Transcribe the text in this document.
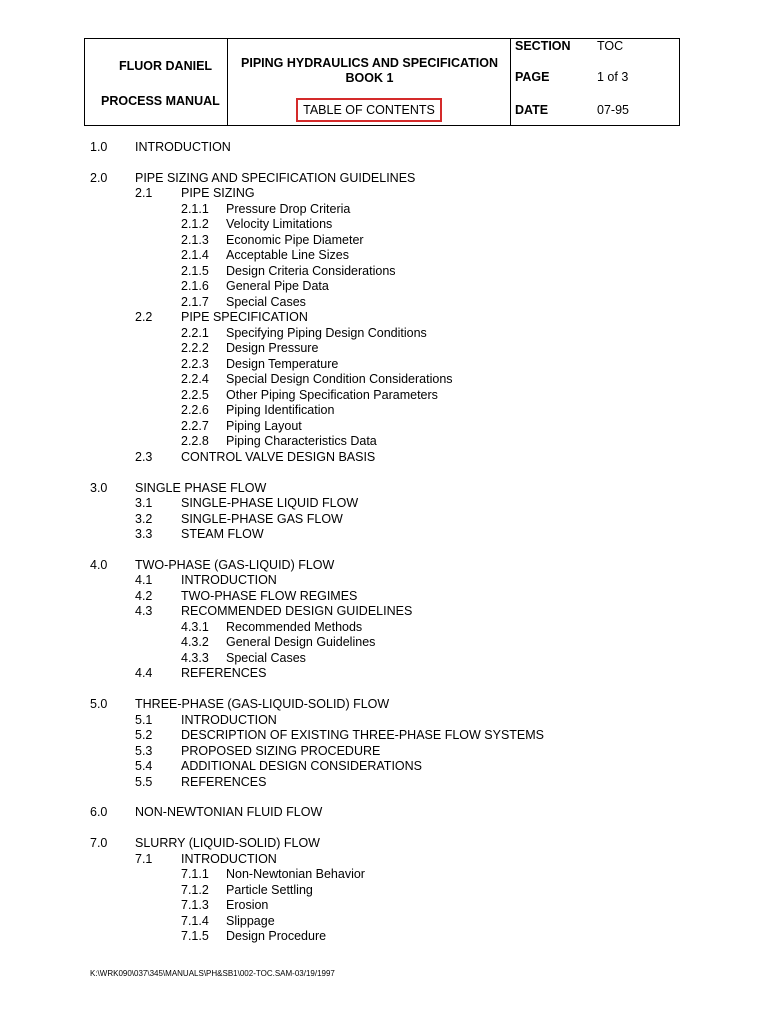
FLUOR DANIEL
PROCESS MANUAL
PIPING HYDRAULICS AND SPECIFICATION BOOK 1
TABLE OF CONTENTS
SECTION TOC
PAGE	1 of 3
DATE	07-95
1.0 INTRODUCTION
2.0 PIPE SIZING AND SPECIFICATION GUIDELINES
2.1 PIPE SIZING
2.1.1 Pressure Drop Criteria
2.1.2 Velocity Limitations
2.1.3 Economic Pipe Diameter
2.1.4 Acceptable Line Sizes
2.1.5 Design Criteria Considerations
2.1.6 General Pipe Data
2.1.7 Special Cases
2.2 PIPE SPECIFICATION
2.2.1 Specifying Piping Design Conditions
2.2.2 Design Pressure
2.2.3 Design Temperature
2.2.4 Special Design Condition Considerations
2.2.5 Other Piping Specification Parameters
2.2.6 Piping Identification
2.2.7 Piping Layout
2.2.8 Piping Characteristics Data
2.3 CONTROL VALVE DESIGN BASIS
3.0 SINGLE PHASE FLOW
3.1 SINGLE-PHASE LIQUID FLOW
3.2 SINGLE-PHASE GAS FLOW
3.3 STEAM FLOW
4.0 TWO-PHASE (GAS-LIQUID) FLOW
4.1 INTRODUCTION
4.2 TWO-PHASE FLOW REGIMES
4.3 RECOMMENDED DESIGN GUIDELINES
4.3.1 Recommended Methods
4.3.2 General Design Guidelines
4.3.3 Special Cases
4.4 REFERENCES
5.0 THREE-PHASE (GAS-LIQUID-SOLID) FLOW
5.1 INTRODUCTION
5.2 DESCRIPTION OF EXISTING THREE-PHASE FLOW SYSTEMS
5.3 PROPOSED SIZING PROCEDURE
5.4 ADDITIONAL DESIGN CONSIDERATIONS
5.5 REFERENCES
6.0 NON-NEWTONIAN FLUID FLOW
7.0 SLURRY (LIQUID-SOLID) FLOW
7.1 INTRODUCTION
7.1.1 Non-Newtonian Behavior
7.1.2 Particle Settling
7.1.3 Erosion
7.1.4 Slippage
7.1.5 Design Procedure
K:\WRK090\037\345\MANUALS\PH&SB1\002-TOC.SAM-03/19/1997
